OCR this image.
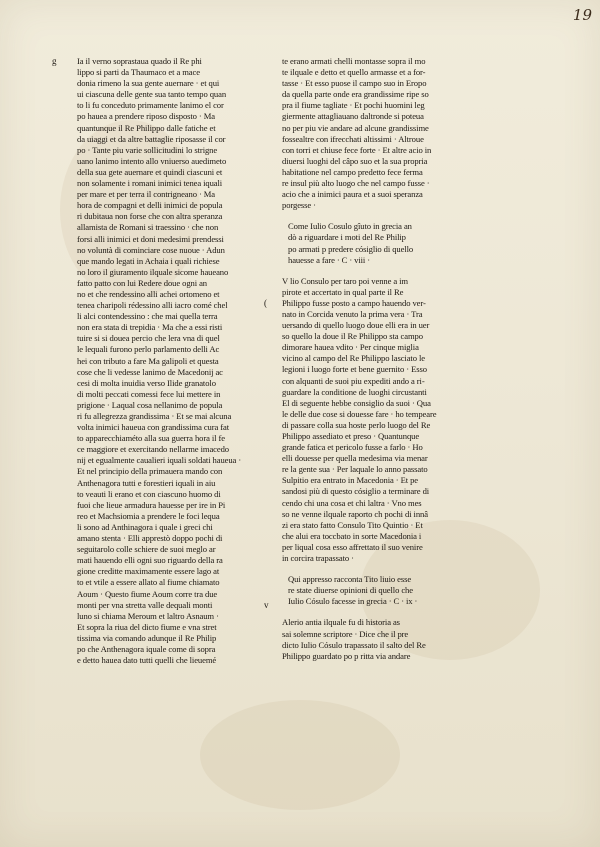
19
g Ia il verno soprastaua quado il Re phi
lippo si parti da Thaumaco et a mace
donia rimeno la sua gente auernare · et qui
ui ciascuna delle gente sua tanto tempo quan
to li fu conceduto primamente lanimo el cor
po hauea a prendere riposo disposto · Ma
quantunque il Re Philippo dalle fatiche et
da uiaggi et da altre battaglie riposasse il cor
po · Tante piu varie sollicitudini lo strigne
uano lanimo intento allo vniuerso auedimeto
della sua gete auernare et quindi ciascuni et
non solamente i romani inimici tenea iquali
per mare et per terra il contrigneano · Ma
hora de compagni et delli inimici de popula
ri dubitaua non forse che con altra speranza
allamista de Romani si traessino · che non
forsi alli inimici et doni medesimi prendessi
no voluntà di cominciare cose nuoue · Adun
que mando legati in Achaia i quali richiese
no loro il giuramento ilquale sicome haueano
fatto patto con lui Redere doue ogni an
no et che rendessino alli achei ortomeno et
tenea charipoli rédessino alli iacro comé chel
li alci contendessino : che mai quella terra
non era stata di trepidia · Ma che a essi risti
tuire si si douea percio che lera vna di quel
le lequali furono perlo parlamento delli Ac
hei con tributo a fare Ma galipoli et questa
cose che li vedesse lanimo de Macedonij ac
cesi di molta inuidia verso Ilide granatolo
di molti peccati comessi fece lui mettere in
prigione · Laqual cosa nellanimo de popula
ri fu allegrezza grandissima · Et se mai alcuna
volta inimici haueua con grandissima cura fat
to apparecchiaméto alla sua guerra hora il fe
ce maggiore et exercitando nellarme imacedo
nij et egualmente caualieri iquali soldati haueua ·
Et nel principio della primauera mando con
Anthenagora tutti e forestieri iquali in aiu
to veauti li erano et con ciascuno huomo di
fuoi che lieue armadura hauesse per ire in Pi
reo et Machsiomia a prendere le foci lequa
li sono ad Anthinagora i quale i greci chi
amano stenta · Elli apprestò doppo pochi di
seguitarolo colle schiere de suoi meglo ar
mati hauendo elli ogni suo riguardo della ra
gione creditte maximamente essere lago at
to et vtile a essere allato al fiume chiamato
Aoum · Questo fiume Aoum corre tra due
monti per vna stretta valle dequali monti
luno si chiama Meroum et laltro Asnaum ·
Et sopra la riua del dicto fiume e vna stret
tissima via comando adunque il Re Philip
po che Anthenagora iquale come di sopra
e detto hauea dato tutti quelli che lieuemé
te erano armati chelli montasse sopra il mo
te ilquale e detto et quello armasse et a for-
tasse · Et esso puose il campo suo in Eropo
da quella parte onde era grandissime ripe so
pra il fiume tagliate · Et pochi huomini leg
giermente attagliauano daltronde si poteua
no per piu vie andare ad alcune grandissime
fossealtre con ifrecchati altissimi · Altroue
con torri et chiuse fece forte · Et altre acio in
diuersi luoghi del câpo suo et la sua propria
habitatione nel campo predetto fece ferma
re insul più alto luogo che nel campo fusse ·
acio che a inimici paura et a suoi speranza
porgesse ·
Come Iulio Cosulo gîuto in grecia an
dò a riguardare i moti del Re Philip
po armati p predere cósiglio di quello
hauesse a fare · C · viii ·
V lio Consulo per taro poi venne a im
pirote et accertato in qual parte il Re
Philippo fusse posto a campo hauendo ver-
nato in Corcida venuto la prima vera · Tra
uersando di quello luogo doue elli era in uer
so quello la doue il Re Philippo sta campo
dimorare hauea vdito · Per cinque miglia
vicino al campo del Re Philippo lasciato le
legioni i luogo forte et bene guernito · Esso
con alquanti de suoi piu expediti ando a ri-
guardare la conditione de luoghi circustanti
El di seguente hebbe consiglio da suoi · Qua
le delle due cose si douesse fare · ho tempeare
di passare colla sua hoste perlo luogo del Re
Philippo assediato et preso · Quantunque
grande fatica et pericolo fusse a farlo · Ho
elli douesse per quella medesima via menar
re la gente sua · Per laquale lo anno passato
Sulpitio era entrato in Macedonia · Et pe
sandosi più di questo cósiglio a terminare di
cendo chi una cosa et chi laltra · Vno mes
so ne venne ilquale raporto ch pochi di innâ
zi era stato fatto Consulo Tito Quintio · Et
che alui era toccbato in sorte Macedonia i
per liqual cosa esso affrettato il suo venire
in corcira trapassato ·
Qui appresso racconta Tito liuio esse
re state diuerse opinioni di quello che
Iulio Cósulo facesse in grecia · C · ix ·
Alerio antia ilquale fu di historia as
sai solemne scriptore · Dice che il pre
dicto Iulio Cósulo trapassato il salto del Re
Philippo guardato po p ritta via andare
(
v
